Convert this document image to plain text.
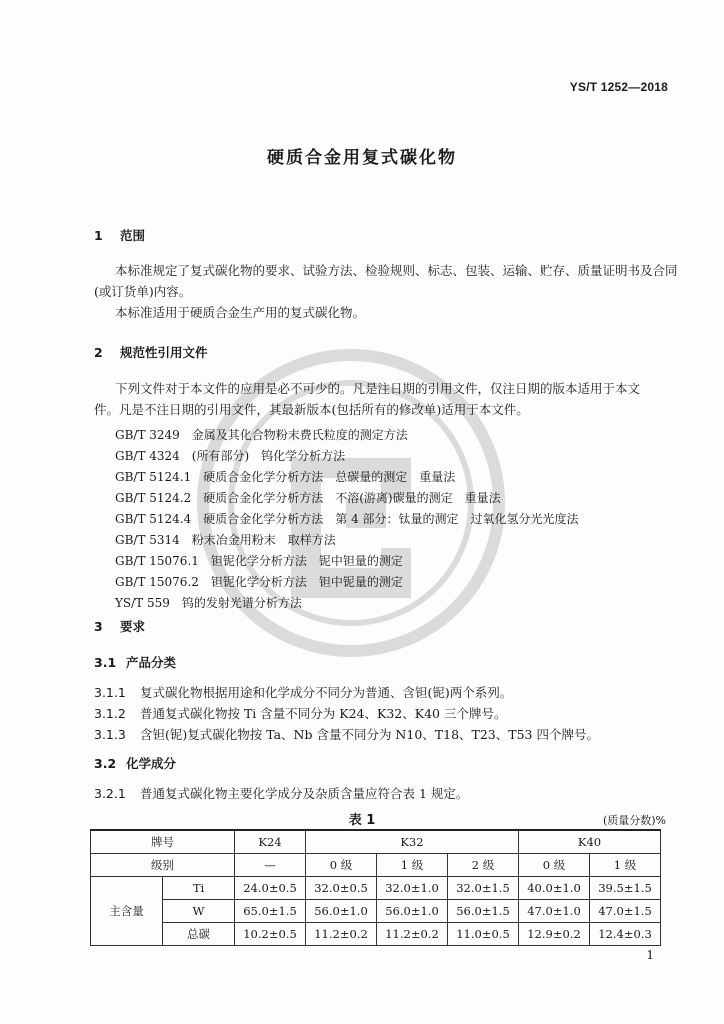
YS/T 1252—2018
硬质合金用复式碳化物
1 范围
本标准规定了复式碳化物的要求、试验方法、检验规则、标志、包装、运输、贮存、质量证明书及合同
(或订货单)内容。
本标准适用于硬质合金生产用的复式碳化物。
2 规范性引用文件
下列文件对于本文件的应用是必不可少的。凡是注日期的引用文件，仅注日期的版本适用于本文
件。凡是不注日期的引用文件，其最新版本(包括所有的修改单)适用于本文件。
GB/T 3249　金属及其化合物粉末费氏粒度的测定方法
GB/T 4324　(所有部分)　钨化学分析方法
GB/T 5124.1　硬质合金化学分析方法　总碳量的测定　重量法
GB/T 5124.2　硬质合金化学分析方法　不溶(游离)碳量的测定　重量法
GB/T 5124.4　硬质合金化学分析方法　第 4 部分：钛量的测定　过氧化氢分光光度法
GB/T 5314　粉末冶金用粉末　取样方法
GB/T 15076.1　钽铌化学分析方法　铌中钽量的测定
GB/T 15076.2　钽铌化学分析方法　钽中铌量的测定
YS/T 559　钨的发射光谱分析方法
3 要求
3.1 产品分类
3.1.1 复式碳化物根据用途和化学成分不同分为普通、含钽(铌)两个系列。
3.1.2 普通复式碳化物按 Ti 含量不同分为 K24、K32、K40 三个牌号。
3.1.3 含钽(铌)复式碳化物按 Ta、Nb 含量不同分为 N10、T18、T23、T53 四个牌号。
3.2 化学成分
3.2.1 普通复式碳化物主要化学成分及杂质含量应符合表 1 规定。
表 1	(质量分数)%
牌号		K24	K32			K40	
级别		—	0 级	1 级	2 级	0 级	1 级
主含量	Ti	24.0±0.5	32.0±0.5	32.0±1.0	32.0±1.5	40.0±1.0	39.5±1.5
	W	65.0±1.5	56.0±1.0	56.0±1.0	56.0±1.5	47.0±1.0	47.0±1.5
	总碳	10.2±0.5	11.2±0.2	11.2±0.2	11.0±0.5	12.9±0.2	12.4±0.3
1
